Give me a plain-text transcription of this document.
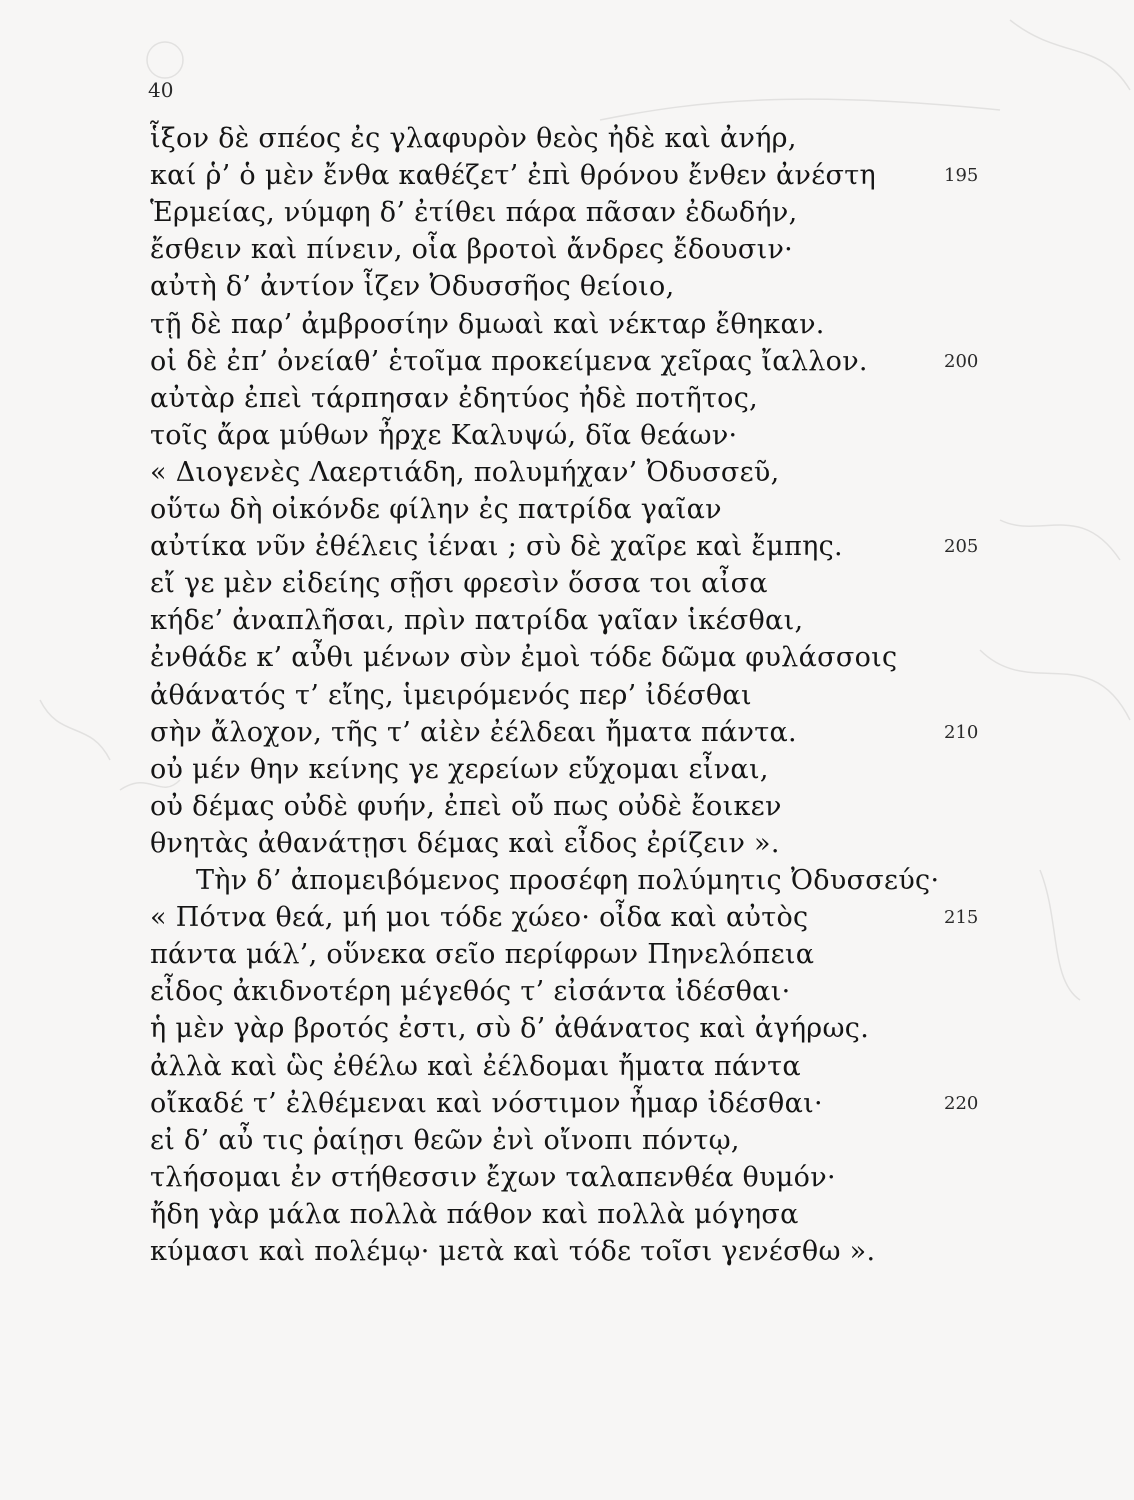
40
ἷξον δὲ σπέος ἐς γλαφυρὸν θεὸς ἠδὲ καὶ ἀνήρ,
καί ῥ’ ὁ μὲν ἔνθα καθέζετ’ ἐπὶ θρόνου ἔνθεν ἀνέστη	195
Ἑρμείας, νύμφη δ’ ἐτίθει πάρα πᾶσαν ἐδωδήν,
ἔσθειν καὶ πίνειν, οἷα βροτοὶ ἄνδρες ἔδουσιν·
αὐτὴ δ’ ἀντίον ἷζεν Ὀδυσσῆος θείοιο,
τῇ δὲ παρ’ ἀμβροσίην δμωαὶ καὶ νέκταρ ἔθηκαν.
οἱ δὲ ἐπ’ ὀνείαθ’ ἑτοῖμα προκείμενα χεῖρας ἴαλλον.	200
αὐτὰρ ἐπεὶ τάρπησαν ἐδητύος ἠδὲ ποτῆτος,
τοῖς ἄρα μύθων ἦρχε Καλυψώ, δῖα θεάων·
« Διογενὲς Λαερτιάδη, πολυμήχαν’ Ὀδυσσεῦ,
οὕτω δὴ οἰκόνδε φίλην ἐς πατρίδα γαῖαν
αὐτίκα νῦν ἐθέλεις ἰέναι ; σὺ δὲ χαῖρε καὶ ἔμπης.	205
εἴ γε μὲν εἰδείης σῇσι φρεσὶν ὅσσα τοι αἶσα
κήδε’ ἀναπλῆσαι, πρὶν πατρίδα γαῖαν ἱκέσθαι,
ἐνθάδε κ’ αὖθι μένων σὺν ἐμοὶ τόδε δῶμα φυλάσσοις
ἀθάνατός τ’ εἴης, ἱμειρόμενός περ’ ἰδέσθαι
σὴν ἄλοχον, τῆς τ’ αἰὲν ἐέλδεαι ἤματα πάντα.	210
οὐ μέν θην κείνης γε χερείων εὔχομαι εἶναι,
οὐ δέμας οὐδὲ φυήν, ἐπεὶ οὔ πως οὐδὲ ἔοικεν
θνητὰς ἀθανάτῃσι δέμας καὶ εἶδος ἐρίζειν ».
Τὴν δ’ ἀπομειβόμενος προσέφη πολύμητις Ὀδυσσεύς·
« Πότνα θεά, μή μοι τόδε χώεο· οἶδα καὶ αὐτὸς	215
πάντα μάλ’, οὕνεκα σεῖο περίφρων Πηνελόπεια
εἶδος ἀκιδνοτέρη μέγεθός τ’ εἰσάντα ἰδέσθαι·
ἡ μὲν γὰρ βροτός ἐστι, σὺ δ’ ἀθάνατος καὶ ἀγήρως.
ἀλλὰ καὶ ὣς ἐθέλω καὶ ἐέλδομαι ἤματα πάντα
οἴκαδέ τ’ ἐλθέμεναι καὶ νόστιμον ἦμαρ ἰδέσθαι·	220
εἰ δ’ αὖ τις ῥαίῃσι θεῶν ἐνὶ οἴνοπι πόντῳ,
τλήσομαι ἐν στήθεσσιν ἔχων ταλαπενθέα θυμόν·
ἤδη γὰρ μάλα πολλὰ πάθον καὶ πολλὰ μόγησα
κύμασι καὶ πολέμῳ· μετὰ καὶ τόδε τοῖσι γενέσθω ».
